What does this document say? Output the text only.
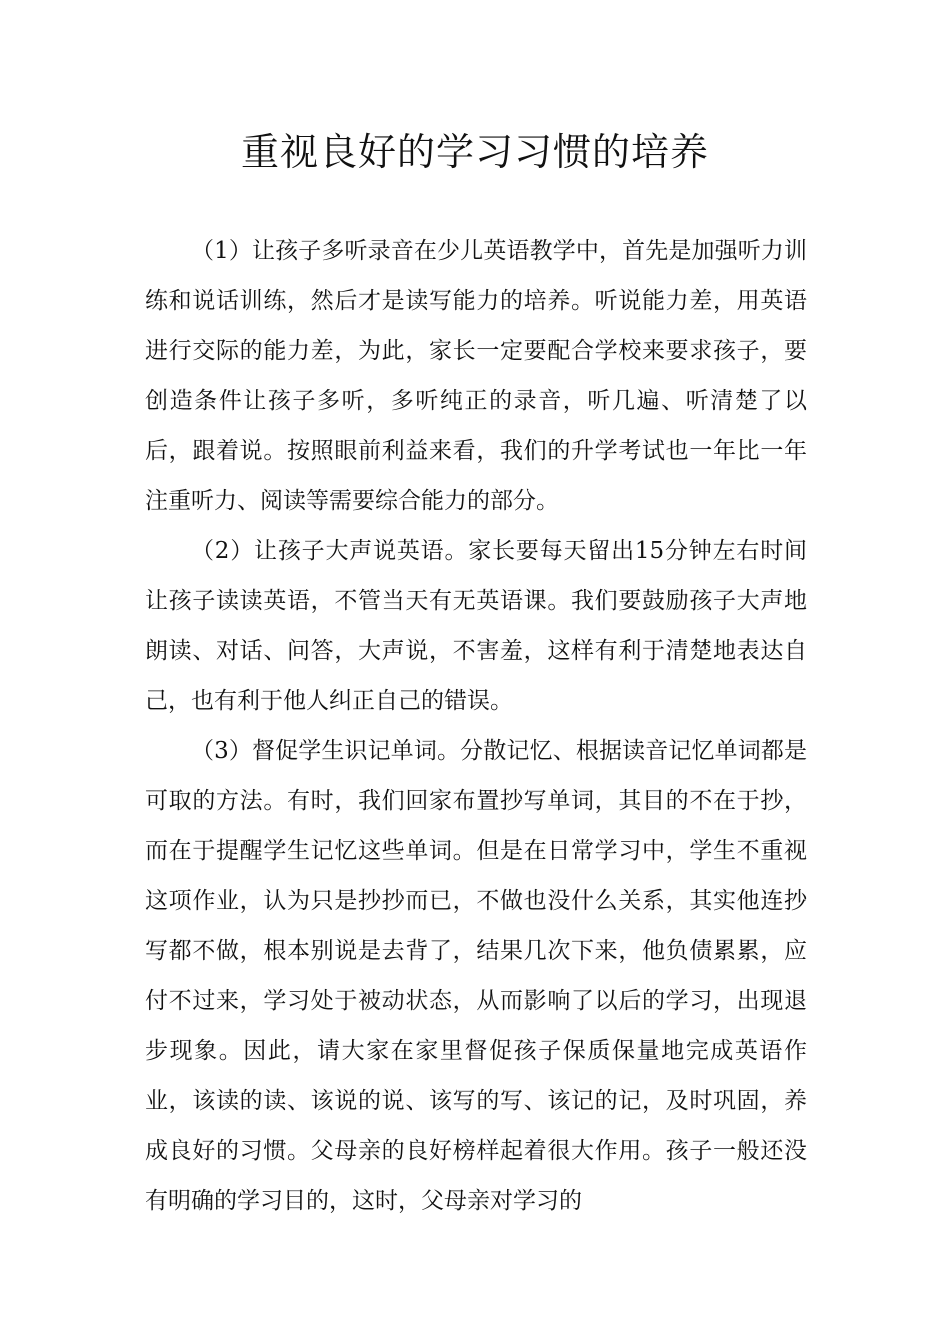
重视良好的学习习惯的培养

（1）让孩子多听录音在少儿英语教学中，首先是加强听力训练和说话训练，然后才是读写能力的培养。听说能力差，用英语进行交际的能力差，为此，家长一定要配合学校来要求孩子，要创造条件让孩子多听，多听纯正的录音，听几遍、听清楚了以后，跟着说。按照眼前利益来看，我们的升学考试也一年比一年注重听力、阅读等需要综合能力的部分。

（2）让孩子大声说英语。家长要每天留出15分钟左右时间让孩子读读英语，不管当天有无英语课。我们要鼓励孩子大声地朗读、对话、问答，大声说，不害羞，这样有利于清楚地表达自己，也有利于他人纠正自己的错误。

（3）督促学生识记单词。分散记忆、根据读音记忆单词都是可取的方法。有时，我们回家布置抄写单词，其目的不在于抄，而在于提醒学生记忆这些单词。但是在日常学习中，学生不重视这项作业，认为只是抄抄而已，不做也没什么关系，其实他连抄写都不做，根本别说是去背了，结果几次下来，他负债累累，应付不过来，学习处于被动状态，从而影响了以后的学习，出现退步现象。因此，请大家在家里督促孩子保质保量地完成英语作业，该读的读、该说的说、该写的写、该记的记，及时巩固，养成良好的习惯。父母亲的良好榜样起着很大作用。孩子一般还没有明确的学习目的，这时，父母亲对学习的
